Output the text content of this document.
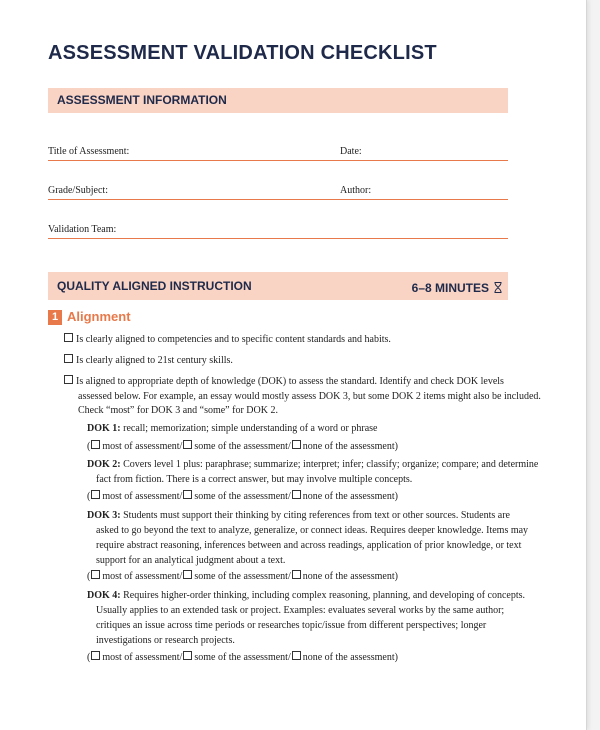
ASSESSMENT VALIDATION CHECKLIST
ASSESSMENT INFORMATION
Title of Assessment:	Date:
Grade/Subject:	Author:
Validation Team:
QUALITY ALIGNED INSTRUCTION	6–8 MINUTES
1 Alignment
Is clearly aligned to competencies and to specific content standards and habits.
Is clearly aligned to 21st century skills.
Is aligned to appropriate depth of knowledge (DOK) to assess the standard. Identify and check DOK levels
assessed below. For example, an essay would mostly assess DOK 3, but some DOK 2 items might also be included.
Check “most” for DOK 3 and “some” for DOK 2.
DOK 1: recall; memorization; simple understanding of a word or phrase
( most of assessment/ some of the assessment/ none of the assessment)
DOK 2: Covers level 1 plus: paraphrase; summarize; interpret; infer; classify; organize; compare; and determine
fact from fiction. There is a correct answer, but may involve multiple concepts.
( most of assessment/ some of the assessment/ none of the assessment)
DOK 3: Students must support their thinking by citing references from text or other sources. Students are
asked to go beyond the text to analyze, generalize, or connect ideas. Requires deeper knowledge. Items may
require abstract reasoning, inferences between and across readings, application of prior knowledge, or text
support for an analytical judgment about a text.
( most of assessment/ some of the assessment/ none of the assessment)
DOK 4: Requires higher-order thinking, including complex reasoning, planning, and developing of concepts.
Usually applies to an extended task or project. Examples: evaluates several works by the same author;
critiques an issue across time periods or researches topic/issue from different perspectives; longer
investigations or research projects.
( most of assessment/ some of the assessment/ none of the assessment)
